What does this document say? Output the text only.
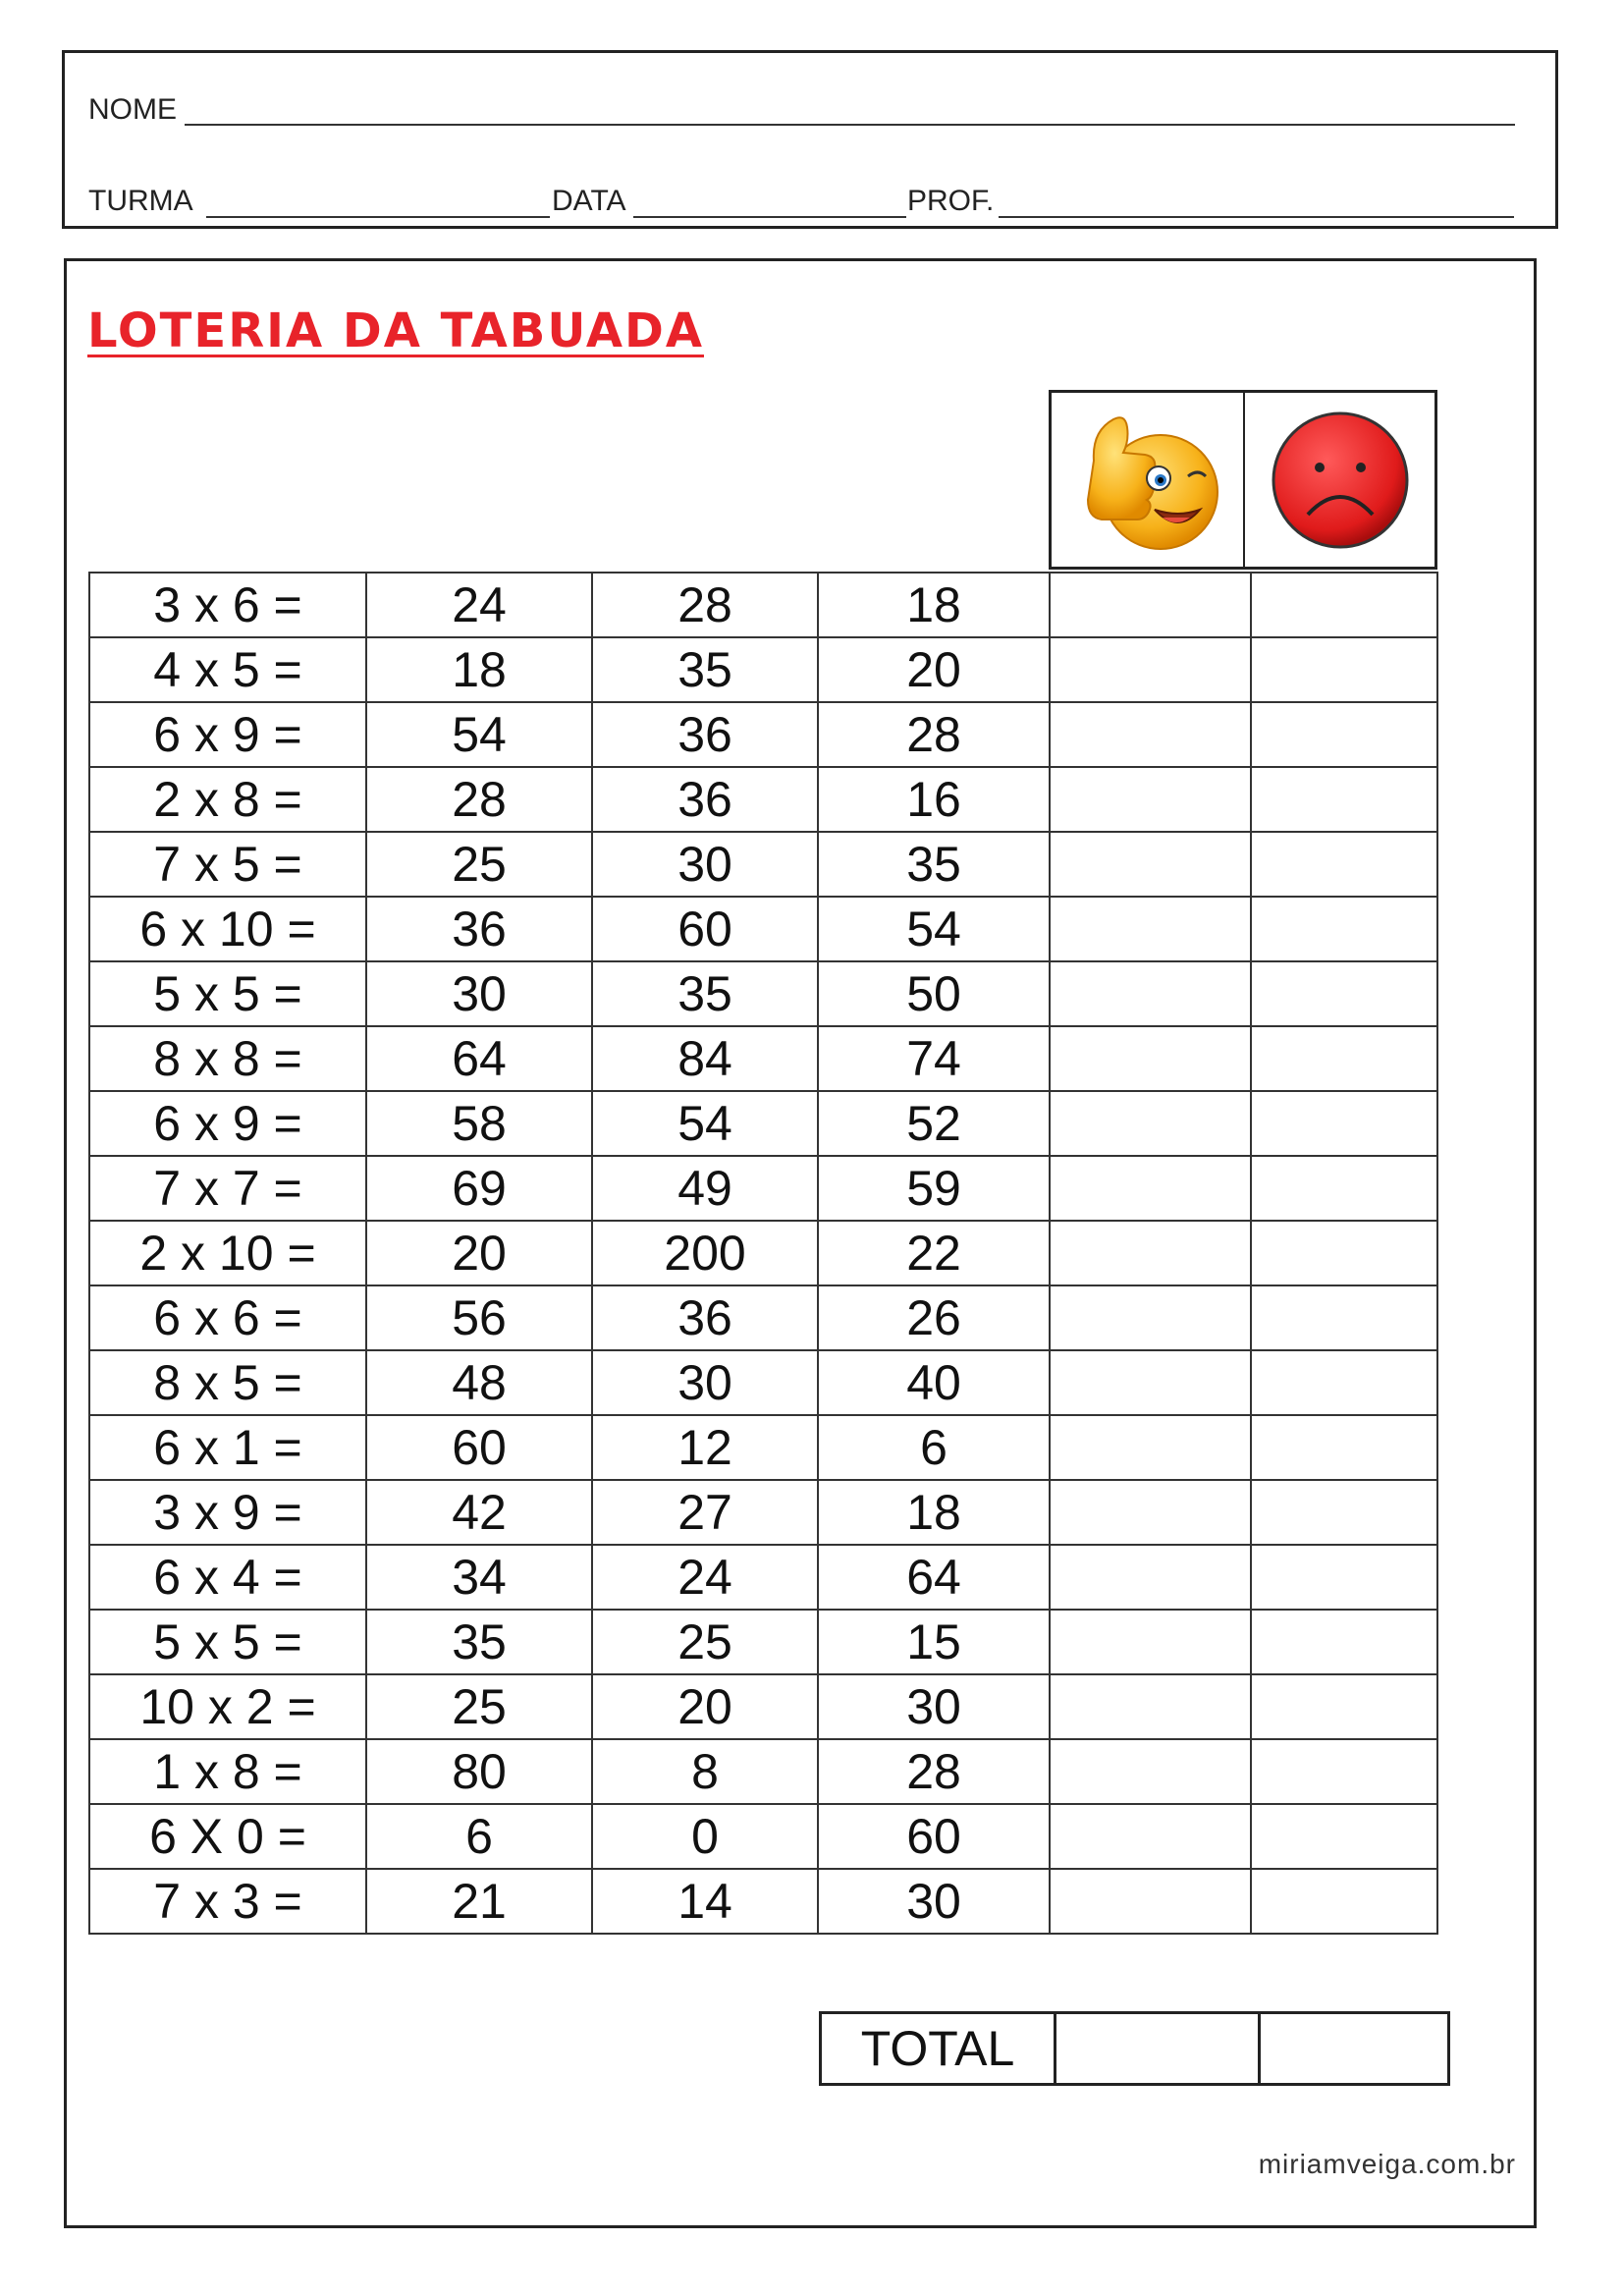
NOME
TURMA	DATA	PROF.
LOTERIA DA TABUADA
3 x 6 =	24	28	18		
4 x 5 =	18	35	20		
6 x 9 =	54	36	28		
2 x 8 =	28	36	16		
7 x 5 =	25	30	35		
6 x 10 =	36	60	54		
5 x 5 =	30	35	50		
8 x 8 =	64	84	74		
6 x 9 =	58	54	52		
7 x 7 =	69	49	59		
2 x 10 =	20	200	22		
6 x 6 =	56	36	26		
8 x 5 =	48	30	40		
6 x 1 =	60	12	6		
3 x 9 =	42	27	18		
6 x 4 =	34	24	64		
5 x 5 =	35	25	15		
10 x 2 =	25	20	30		
1 x 8 =	80	8	28		
6 X 0 =	6	0	60		
7 x 3 =	21	14	30		
TOTAL		
miriamveiga.com.br
